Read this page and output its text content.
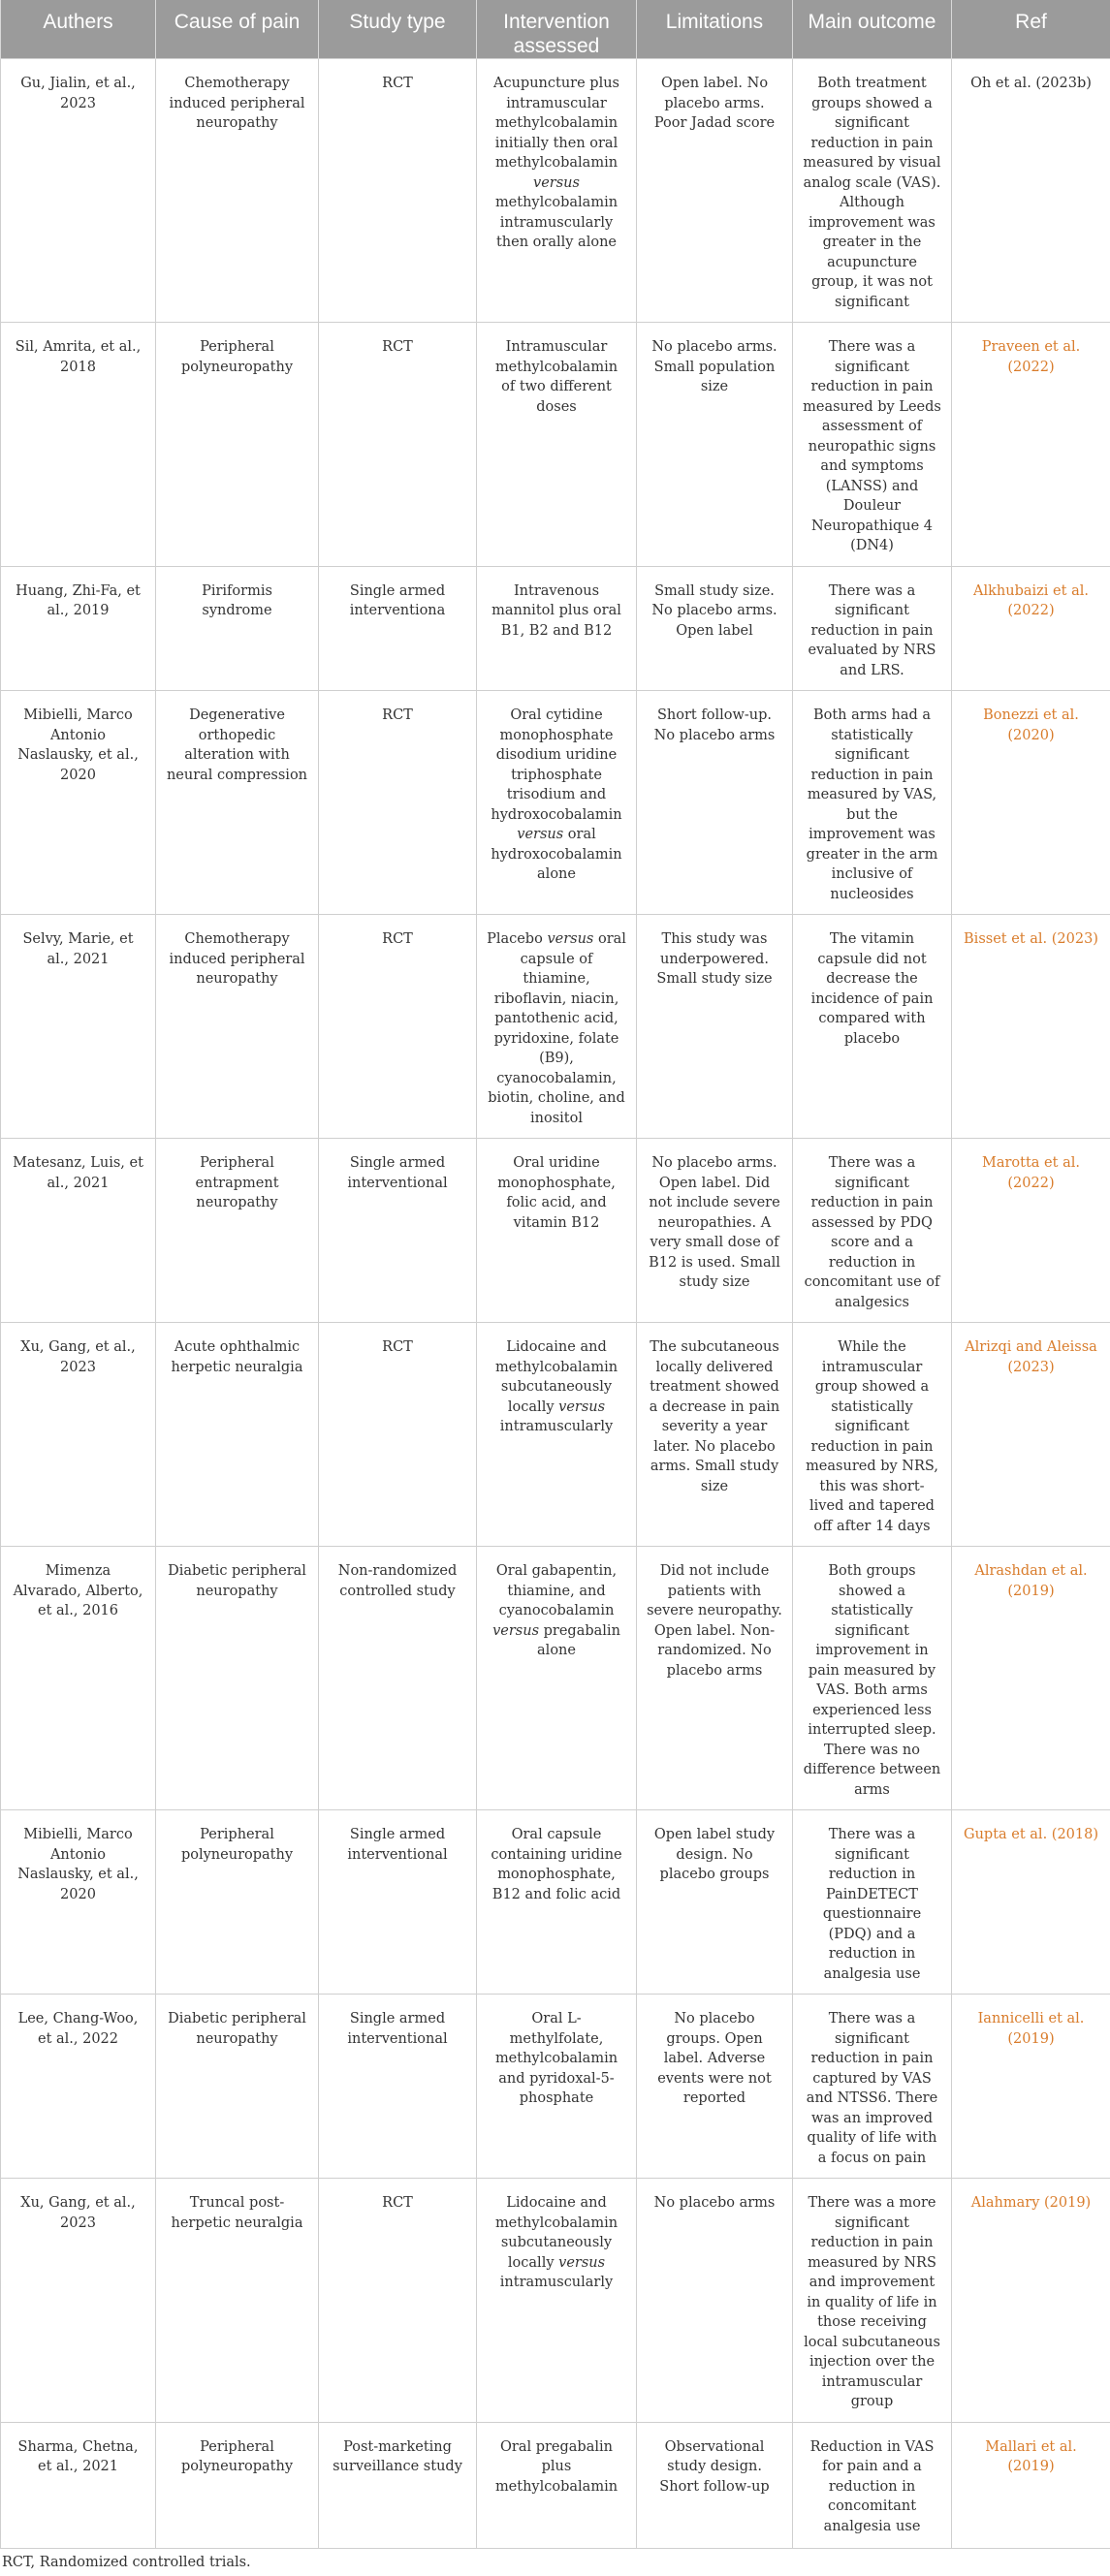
Authers	Cause of pain	Study type	Intervention assessed	Limitations	Main outcome	Ref
Gu, Jialin, et al., 2023	Chemotherapy induced peripheral neuropathy	RCT	Acupuncture plus intramuscular methylcobalamin initially then oral methylcobalamin versus methylcobalamin intramuscularly then orally alone	Open label. No placebo arms. Poor Jadad score	Both treatment groups showed a significant reduction in pain measured by visual analog scale (VAS). Although improvement was greater in the acupuncture group, it was not significant	Oh et al. (2023b)
Sil, Amrita, et al., 2018	Peripheral polyneuropathy	RCT	Intramuscular methylcobalamin of two different doses	No placebo arms. Small population size	There was a significant reduction in pain measured by Leeds assessment of neuropathic signs and symptoms (LANSS) and Douleur Neuropathique 4 (DN4)	Praveen et al. (2022)
Huang, Zhi-Fa, et al., 2019	Piriformis syndrome	Single armed interventiona	Intravenous mannitol plus oral B1, B2 and B12	Small study size. No placebo arms. Open label	There was a significant reduction in pain evaluated by NRS and LRS.	Alkhubaizi et al. (2022)
Mibielli, Marco Antonio Naslausky, et al., 2020	Degenerative orthopedic alteration with neural compression	RCT	Oral cytidine monophosphate disodium uridine triphosphate trisodium and hydroxocobalamin versus oral hydroxocobalamin alone	Short follow-up. No placebo arms	Both arms had a statistically significant reduction in pain measured by VAS, but the improvement was greater in the arm inclusive of nucleosides	Bonezzi et al. (2020)
Selvy, Marie, et al., 2021	Chemotherapy induced peripheral neuropathy	RCT	Placebo versus oral capsule of thiamine, riboflavin, niacin, pantothenic acid, pyridoxine, folate (B9), cyanocobalamin, biotin, choline, and inositol	This study was underpowered. Small study size	The vitamin capsule did not decrease the incidence of pain compared with placebo	Bisset et al. (2023)
Matesanz, Luis, et al., 2021	Peripheral entrapment neuropathy	Single armed interventional	Oral uridine monophosphate, folic acid, and vitamin B12	No placebo arms. Open label. Did not include severe neuropathies. A very small dose of B12 is used. Small study size	There was a significant reduction in pain assessed by PDQ score and a reduction in concomitant use of analgesics	Marotta et al. (2022)
Xu, Gang, et al., 2023	Acute ophthalmic herpetic neuralgia	RCT	Lidocaine and methylcobalamin subcutaneously locally versus intramuscularly	The subcutaneous locally delivered treatment showed a decrease in pain severity a year later. No placebo arms. Small study size	While the intramuscular group showed a statistically significant reduction in pain measured by NRS, this was short-lived and tapered off after 14 days	Alrizqi and Aleissa (2023)
Mimenza Alvarado, Alberto, et al., 2016	Diabetic peripheral neuropathy	Non-randomized controlled study	Oral gabapentin, thiamine, and cyanocobalamin versus pregabalin alone	Did not include patients with severe neuropathy. Open label. Non-randomized. No placebo arms	Both groups showed a statistically significant improvement in pain measured by VAS. Both arms experienced less interrupted sleep. There was no difference between arms	Alrashdan et al. (2019)
Mibielli, Marco Antonio Naslausky, et al., 2020	Peripheral polyneuropathy	Single armed interventional	Oral capsule containing uridine monophosphate, B12 and folic acid	Open label study design. No placebo groups	There was a significant reduction in PainDETECT questionnaire (PDQ) and a reduction in analgesia use	Gupta et al. (2018)
Lee, Chang-Woo, et al., 2022	Diabetic peripheral neuropathy	Single armed interventional	Oral L-methylfolate, methylcobalamin and pyridoxal-5-phosphate	No placebo groups. Open label. Adverse events were not reported	There was a significant reduction in pain captured by VAS and NTSS6. There was an improved quality of life with a focus on pain	Iannicelli et al. (2019)
Xu, Gang, et al., 2023	Truncal post-herpetic neuralgia	RCT	Lidocaine and methylcobalamin subcutaneously locally versus intramuscularly	No placebo arms	There was a more significant reduction in pain measured by NRS and improvement in quality of life in those receiving local subcutaneous injection over the intramuscular group	Alahmary (2019)
Sharma, Chetna, et al., 2021	Peripheral polyneuropathy	Post-marketing surveillance study	Oral pregabalin plus methylcobalamin	Observational study design. Short follow-up	Reduction in VAS for pain and a reduction in concomitant analgesia use	Mallari et al. (2019)
RCT, Randomized controlled trials.
